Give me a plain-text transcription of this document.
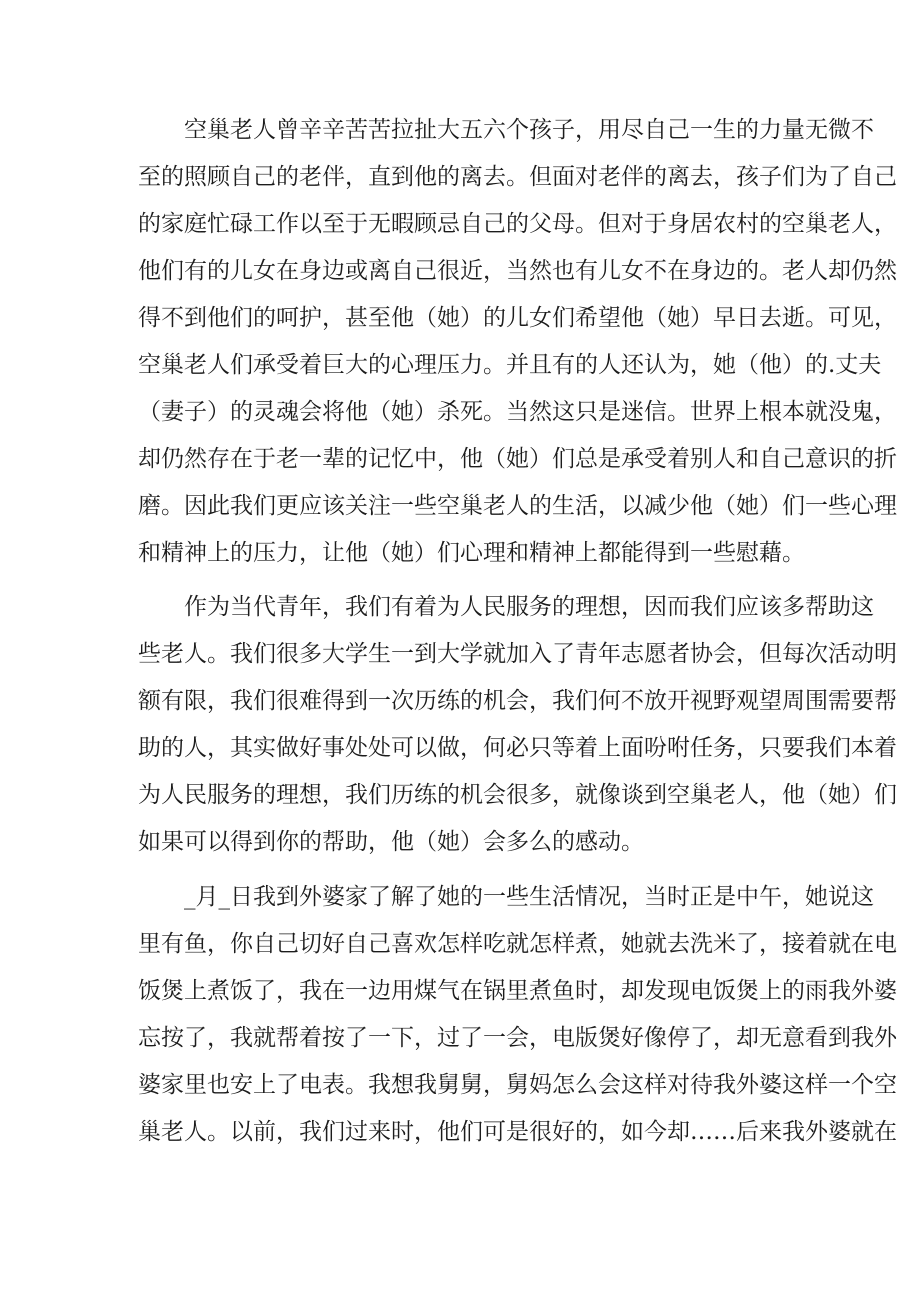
空巢老人曾辛辛苦苦拉扯大五六个孩子，用尽自己一生的力量无微不
至的照顾自己的老伴，直到他的离去。但面对老伴的离去，孩子们为了自己
的家庭忙碌工作以至于无暇顾忌自己的父母。但对于身居农村的空巢老人，
他们有的儿女在身边或离自己很近，当然也有儿女不在身边的。老人却仍然
得不到他们的呵护，甚至他（她）的儿女们希望他（她）早日去逝。可见，
空巢老人们承受着巨大的心理压力。并且有的人还认为，她（他）的.丈夫
（妻子）的灵魂会将他（她）杀死。当然这只是迷信。世界上根本就没鬼，
却仍然存在于老一辈的记忆中，他（她）们总是承受着别人和自己意识的折
磨。因此我们更应该关注一些空巢老人的生活，以减少他（她）们一些心理
和精神上的压力，让他（她）们心理和精神上都能得到一些慰藉。
作为当代青年，我们有着为人民服务的理想，因而我们应该多帮助这
些老人。我们很多大学生一到大学就加入了青年志愿者协会，但每次活动明
额有限，我们很难得到一次历练的机会，我们何不放开视野观望周围需要帮
助的人，其实做好事处处可以做，何必只等着上面吩咐任务，只要我们本着
为人民服务的理想，我们历练的机会很多，就像谈到空巢老人，他（她）们
如果可以得到你的帮助，他（她）会多么的感动。
_月_日我到外婆家了解了她的一些生活情况，当时正是中午，她说这
里有鱼，你自己切好自己喜欢怎样吃就怎样煮，她就去洗米了，接着就在电
饭煲上煮饭了，我在一边用煤气在锅里煮鱼时，却发现电饭煲上的雨我外婆
忘按了，我就帮着按了一下，过了一会，电版煲好像停了，却无意看到我外
婆家里也安上了电表。我想我舅舅，舅妈怎么会这样对待我外婆这样一个空
巢老人。以前，我们过来时，他们可是很好的，如今却……后来我外婆就在
